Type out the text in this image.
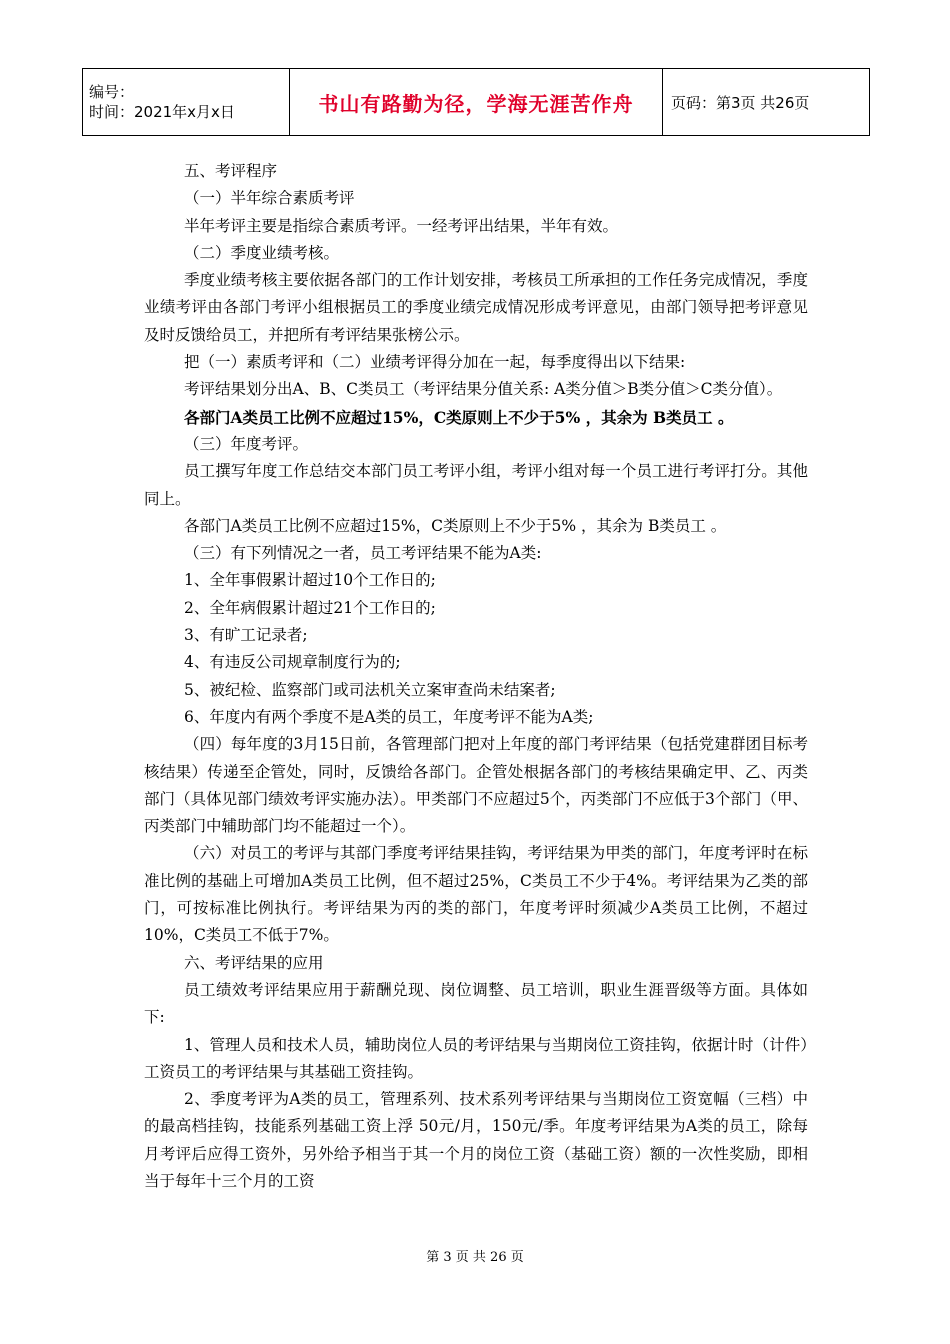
编号：
时间：2021年x月x日	书山有路勤为径，学海无涯苦作舟	页码：第3页 共26页

五、考评程序

（一）半年综合素质考评

半年考评主要是指综合素质考评。一经考评出结果，半年有效。

（二）季度业绩考核。

季度业绩考核主要依据各部门的工作计划安排，考核员工所承担的工作任务完成情况，季度业绩考评由各部门考评小组根据员工的季度业绩完成情况形成考评意见，由部门领导把考评意见及时反馈给员工，并把所有考评结果张榜公示。

把（一）素质考评和（二）业绩考评得分加在一起，每季度得出以下结果:

考评结果划分出A、B、C类员工（考评结果分值关系: A类分值＞B类分值＞C类分值）。

各部门A类员工比例不应超过15%，C类原则上不少于5% ，其余为 B类员工 。

（三）年度考评。

员工撰写年度工作总结交本部门员工考评小组，考评小组对每一个员工进行考评打分。其他同上。

各部门A类员工比例不应超过15%，C类原则上不少于5% ，其余为 B类员工 。

（三）有下列情况之一者，员工考评结果不能为A类:

1、全年事假累计超过10个工作日的;

2、全年病假累计超过21个工作日的;

3、有旷工记录者;

4、有违反公司规章制度行为的;

5、被纪检、监察部门或司法机关立案审查尚未结案者;

6、年度内有两个季度不是A类的员工，年度考评不能为A类;

（四）每年度的3月15日前，各管理部门把对上年度的部门考评结果（包括党建群团目标考核结果）传递至企管处，同时，反馈给各部门。企管处根据各部门的考核结果确定甲、乙、丙类部门（具体见部门绩效考评实施办法）。甲类部门不应超过5个，丙类部门不应低于3个部门（甲、丙类部门中辅助部门均不能超过一个）。

（六）对员工的考评与其部门季度考评结果挂钩，考评结果为甲类的部门，年度考评时在标准比例的基础上可增加A类员工比例，但不超过25%，C类员工不少于4%。考评结果为乙类的部门，可按标准比例执行。考评结果为丙的类的部门，年度考评时须减少A类员工比例，不超过10%，C类员工不低于7%。

六、考评结果的应用

员工绩效考评结果应用于薪酬兑现、岗位调整、员工培训，职业生涯晋级等方面。具体如下:

1、管理人员和技术人员，辅助岗位人员的考评结果与当期岗位工资挂钩，依据计时（计件）工资员工的考评结果与其基础工资挂钩。

2、季度考评为A类的员工，管理系列、技术系列考评结果与当期岗位工资宽幅（三档）中的最高档挂钩，技能系列基础工资上浮 50元/月，150元/季。年度考评结果为A类的员工，除每月考评后应得工资外，另外给予相当于其一个月的岗位工资（基础工资）额的一次性奖励，即相当于每年十三个月的工资

第 3 页 共 26 页
